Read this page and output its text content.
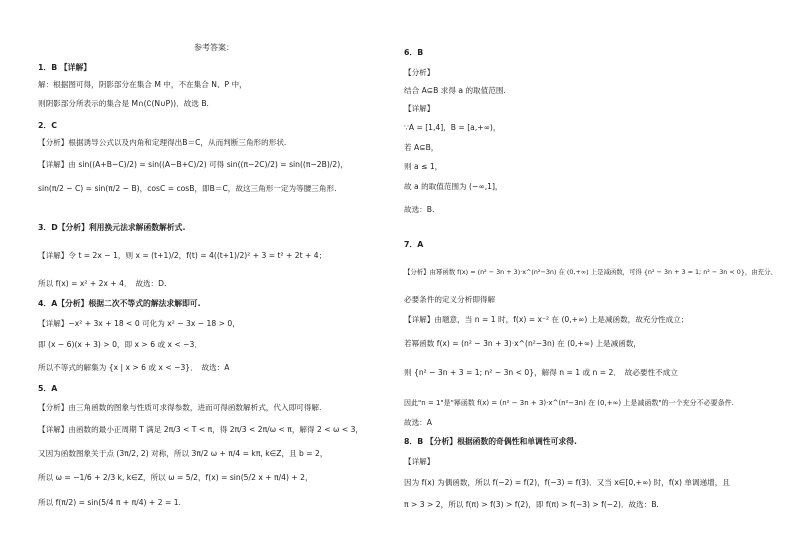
参考答案：
1．B 【详解】
解：根据图可得，阴影部分在集合 M 中，不在集合 N、P 中，
则阴影部分所表示的集合是 M∩(∁(N∪P))．故选 B.
2．C
【分析】根据诱导公式以及内角和定理得出B＝C，从而判断三角形的形状.
【详解】由 sin((A+B−C)/2) = sin((A−B+C)/2) 可得 sin((π−2C)/2) = sin((π−2B)/2)，
sin(π/2 − C) = sin(π/2 − B)，cosC = cosB，即B＝C，故这三角形一定为等腰三角形.
3．D【分析】利用换元法求解函数解析式.
【详解】令 t = 2x − 1，则 x = (t+1)/2，f(t) = 4((t+1)/2)² + 3 = t² + 2t + 4；
所以 f(x) = x² + 2x + 4．　故选：D.
4．A【分析】根据二次不等式的解法求解即可.
【详解】−x² + 3x + 18 < 0 可化为 x² − 3x − 18 > 0，
即 (x − 6)(x + 3) > 0，即 x > 6 或 x < −3．
所以不等式的解集为 {x | x > 6 或 x < −3}．　故选：A
5．A
【分析】由三角函数的图象与性质可求得参数，进而可得函数解析式，代入即可得解.
【详解】由函数的最小正周期 T 满足 2π/3 < T < π，得 2π/3 < 2π/ω < π，解得 2 < ω < 3，
又因为函数图象关于点 (3π/2, 2) 对称，所以 3π/2 ω + π/4 = kπ, k∈Z，且 b = 2，
所以 ω = −1/6 + 2/3 k, k∈Z，所以 ω = 5/2，f(x) = sin(5/2 x + π/4) + 2，
所以 f(π/2) = sin(5/4 π + π/4) + 2 = 1.
6．B
【分析】
结合 A⊆B 求得 a 的取值范围.
【详解】
∵A = [1,4]，B = [a,+∞)，
若 A⊆B，
则 a ≤ 1，
故 a 的取值范围为 (−∞,1]，
故选：B.
7．A
【分析】由幂函数 f(x) = (n² − 3n + 3)·x^(n²−3n) 在 (0,+∞) 上是减函数，可得 {n² − 3n + 3 = 1; n² − 3n < 0}，由充分、
必要条件的定义分析即得解
【详解】由题意，当 n = 1 时，f(x) = x⁻² 在 (0,+∞) 上是减函数，故充分性成立；
若幂函数 f(x) = (n² − 3n + 3)·x^(n²−3n) 在 (0,+∞) 上是减函数，
则 {n² − 3n + 3 = 1; n² − 3n < 0}，解得 n = 1 或 n = 2．　故必要性不成立
因此"n = 1"是"幂函数 f(x) = (n² − 3n + 3)·x^(n²−3n) 在 (0,+∞) 上是减函数"的一个充分不必要条件.
故选：A
8．B 【分析】根据函数的奇偶性和单调性可求得.
【详解】
因为 f(x) 为偶函数，所以 f(−2) = f(2)，f(−3) = f(3)．又当 x∈[0,+∞) 时，f(x) 单调递增，且
π > 3 > 2，所以 f(π) > f(3) > f(2)，即 f(π) > f(−3) > f(−2)．故选：B.
